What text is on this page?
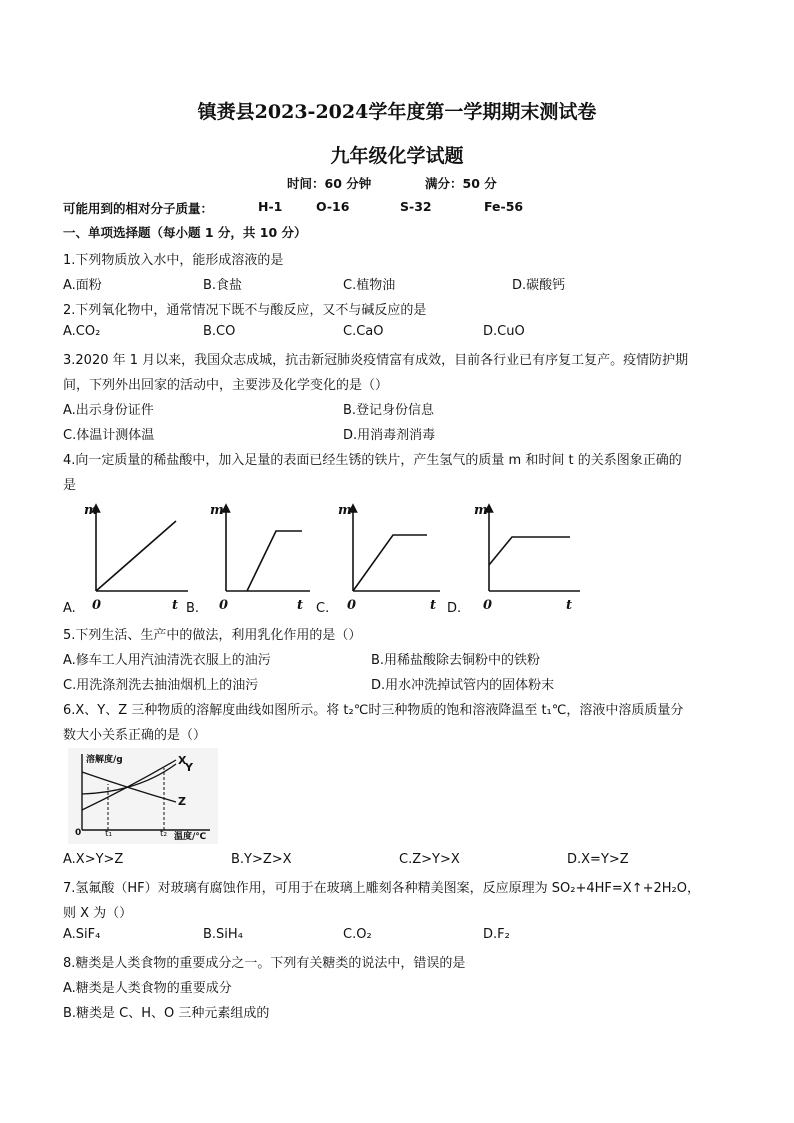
镇赉县2023-2024学年度第一学期期末测试卷
九年级化学试题
时间：60 分钟	满分：50 分
可能用到的相对分子质量：	H-1	O-16	S-32	Fe-56
一、单项选择题（每小题 1 分，共 10 分）
1.下列物质放入水中，能形成溶液的是
A.面粉	B.食盐	C.植物油	D.碳酸钙
2.下列氧化物中，通常情况下既不与酸反应，又不与碱反应的是
A.CO₂	B.CO	C.CaO	D.CuO
3.2020 年 1 月以来，我国众志成城，抗击新冠肺炎疫情富有成效，目前各行业已有序复工复产。疫情防护期
间，下列外出回家的活动中，主要涉及化学变化的是（）
A.出示身份证件	B.登记身份信息
C.体温计测体温	D.用消毒剂消毒
4.向一定质量的稀盐酸中，加入足量的表面已经生锈的铁片，产生氢气的质量 m 和时间 t 的关系图象正确的
是
m
0	t
m
0	t
m
0	t
m
0	t
A.	B.	C.	D.
5.下列生活、生产中的做法，利用乳化作用的是（）
A.修车工人用汽油清洗衣服上的油污	B.用稀盐酸除去铜粉中的铁粉
C.用洗涤剂洗去抽油烟机上的油污	D.用水冲洗掉试管内的固体粉末
6.X、Y、Z 三种物质的溶解度曲线如图所示。将 t₂℃时三种物质的饱和溶液降温至 t₁℃，溶液中溶质质量分
数大小关系正确的是（）
溶解度/g
温度/℃
0	t₁	t₂
X
Y
Z
A.X>Y>Z	B.Y>Z>X	C.Z>Y>X	D.X=Y>Z
7.氢氟酸（HF）对玻璃有腐蚀作用，可用于在玻璃上雕刻各种精美图案，反应原理为 SO₂+4HF=X↑+2H₂O，
则 X 为（）
A.SiF₄	B.SiH₄	C.O₂	D.F₂
8.糖类是人类食物的重要成分之一。下列有关糖类的说法中，错误的是
A.糖类是人类食物的重要成分
B.糖类是 C、H、O 三种元素组成的
